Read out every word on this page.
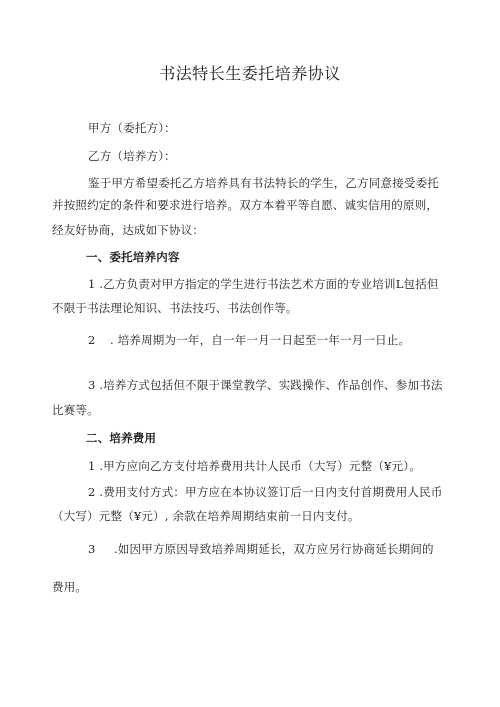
书法特长生委托培养协议
甲方（委托方）：
乙方（培养方）：
鉴于甲方希望委托乙方培养具有书法特长的学生，乙方同意接受委托
并按照约定的条件和要求进行培养。双方本着平等自愿、诚实信用的原则，
经友好协商，达成如下协议：
一、委托培养内容
1 .乙方负责对甲方指定的学生进行书法艺术方面的专业培训L包括但
不限于书法理论知识、书法技巧、书法创作等。
2 . 培养周期为一年，自一年一月一日起至一年一月一日止。
3 .培养方式包括但不限于课堂教学、实践操作、作品创作、参加书法
比赛等。
二、培养费用
1 .甲方应向乙方支付培养费用共计人民币（大写）元整（¥元）。
2 .费用支付方式：甲方应在本协议签订后一日内支付首期费用人民币
（大写）元整（¥元）, 余款在培养周期结束前一日内支付。
3 .如因甲方原因导致培养周期延长，双方应另行协商延长期间的
费用。
